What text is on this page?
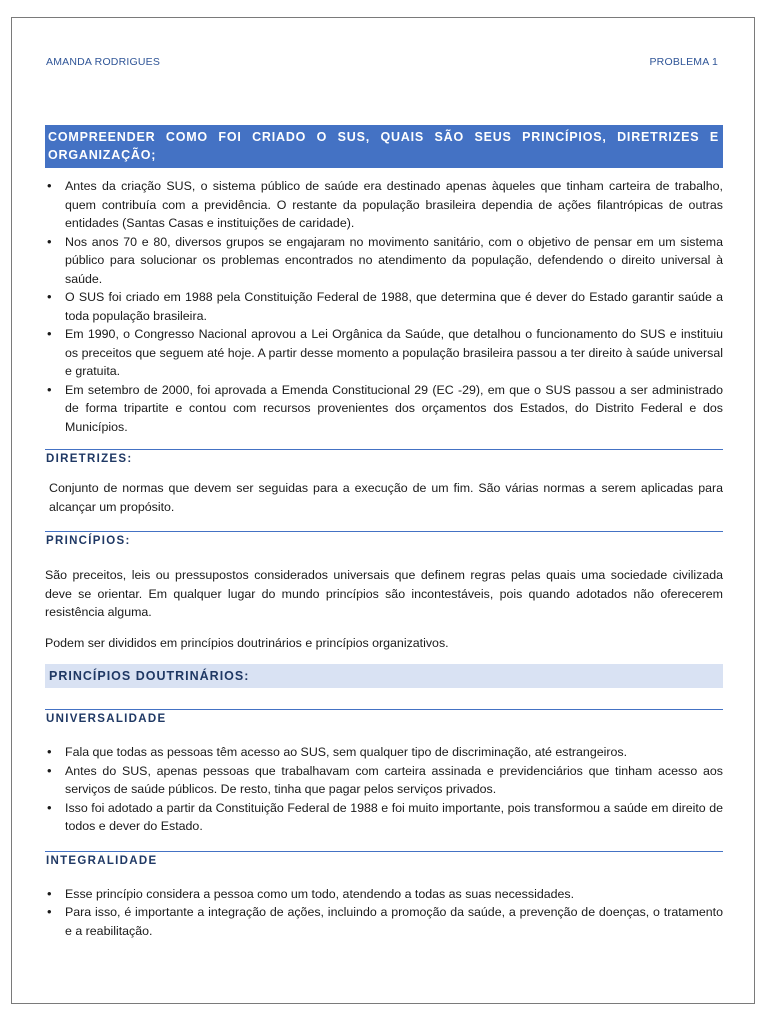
AMANDA RODRIGUES	PROBLEMA 1
COMPREENDER COMO FOI CRIADO O SUS, QUAIS SÃO SEUS PRINCÍPIOS, DIRETRIZES E ORGANIZAÇÃO;
• Antes da criação SUS, o sistema público de saúde era destinado apenas àqueles que tinham carteira de trabalho, quem contribuía com a previdência. O restante da população brasileira dependia de ações filantrópicas de outras entidades (Santas Casas e instituições de caridade).
• Nos anos 70 e 80, diversos grupos se engajaram no movimento sanitário, com o objetivo de pensar em um sistema público para solucionar os problemas encontrados no atendimento da população, defendendo o direito universal à saúde.
• O SUS foi criado em 1988 pela Constituição Federal de 1988, que determina que é dever do Estado garantir saúde a toda população brasileira.
• Em 1990, o Congresso Nacional aprovou a Lei Orgânica da Saúde, que detalhou o funcionamento do SUS e instituiu os preceitos que seguem até hoje. A partir desse momento a população brasileira passou a ter direito à saúde universal e gratuita.
• Em setembro de 2000, foi aprovada a Emenda Constitucional 29 (EC -29), em que o SUS passou a ser administrado de forma tripartite e contou com recursos provenientes dos orçamentos dos Estados, do Distrito Federal e dos Municípios.
DIRETRIZES:

Conjunto de normas que devem ser seguidas para a execução de um fim. São várias normas a serem aplicadas para alcançar um propósito.

PRINCÍPIOS:

São preceitos, leis ou pressupostos considerados universais que definem regras pelas quais uma sociedade civilizada deve se orientar. Em qualquer lugar do mundo princípios são incontestáveis, pois quando adotados não oferecerem resistência alguma.

Podem ser divididos em princípios doutrinários e princípios organizativos.

PRINCÍPIOS DOUTRINÁRIOS:
UNIVERSALIDADE
• Fala que todas as pessoas têm acesso ao SUS, sem qualquer tipo de discriminação, até estrangeiros.
• Antes do SUS, apenas pessoas que trabalhavam com carteira assinada e previdenciários que tinham acesso aos serviços de saúde públicos. De resto, tinha que pagar pelos serviços privados.
• Isso foi adotado a partir da Constituição Federal de 1988 e foi muito importante, pois transformou a saúde em direito de todos e dever do Estado.
INTEGRALIDADE
• Esse princípio considera a pessoa como um todo, atendendo a todas as suas necessidades.
• Para isso, é importante a integração de ações, incluindo a promoção da saúde, a prevenção de doenças, o tratamento e a reabilitação.
